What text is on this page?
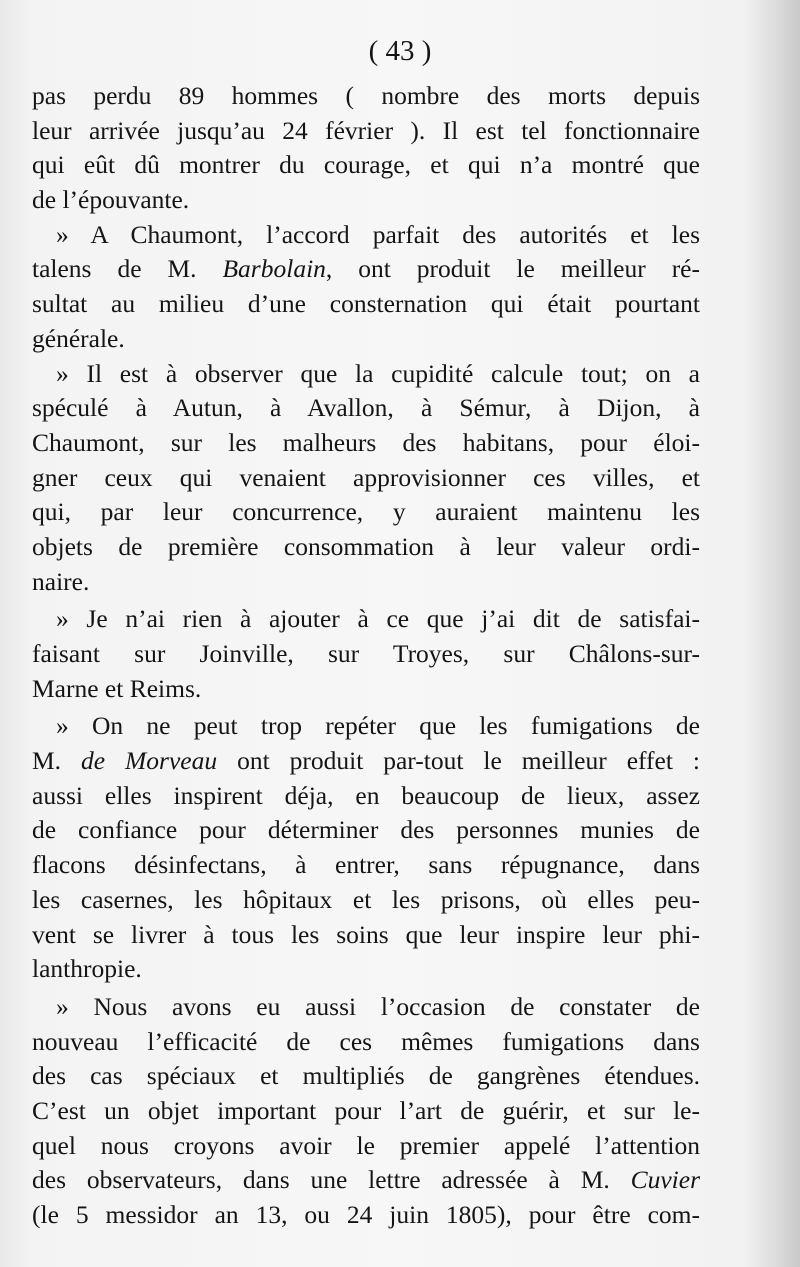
( 43 )
pas perdu 89 hommes ( nombre des morts depuis
leur arrivée jusqu’au 24 février ). Il est tel fonctionnaire
qui eût dû montrer du courage, et qui n’a montré que
de l’épouvante.
» A Chaumont, l’accord parfait des autorités et les
talens de M. Barbolain, ont produit le meilleur ré-
sultat au milieu d’une consternation qui était pourtant
générale.
» Il est à observer que la cupidité calcule tout; on a
spéculé à Autun, à Avallon, à Sémur, à Dijon, à
Chaumont, sur les malheurs des habitans, pour éloi-
gner ceux qui venaient approvisionner ces villes, et
qui, par leur concurrence, y auraient maintenu les
objets de première consommation à leur valeur ordi-
naire.
» Je n’ai rien à ajouter à ce que j’ai dit de satisfai-
faisant sur Joinville, sur Troyes, sur Châlons-sur-
Marne et Reims.
» On ne peut trop repéter que les fumigations de
M. de Morveau ont produit par-tout le meilleur effet :
aussi elles inspirent déja, en beaucoup de lieux, assez
de confiance pour déterminer des personnes munies de
flacons désinfectans, à entrer, sans répugnance, dans
les casernes, les hôpitaux et les prisons, où elles peu-
vent se livrer à tous les soins que leur inspire leur phi-
lanthropie.
» Nous avons eu aussi l’occasion de constater de
nouveau l’efficacité de ces mêmes fumigations dans
des cas spéciaux et multipliés de gangrènes étendues.
C’est un objet important pour l’art de guérir, et sur le-
quel nous croyons avoir le premier appelé l’attention
des observateurs, dans une lettre adressée à M. Cuvier
(le 5 messidor an 13, ou 24 juin 1805), pour être com-
